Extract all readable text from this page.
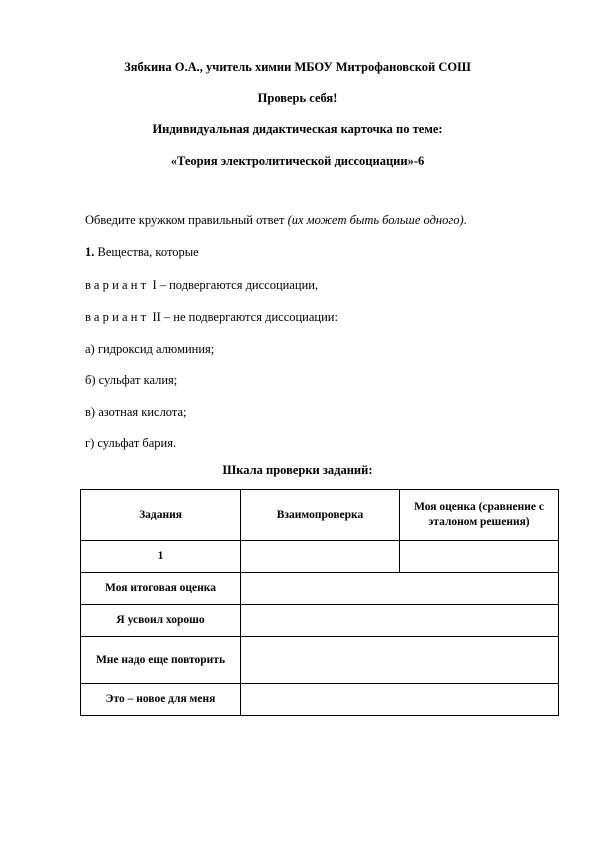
Зябкина О.А., учитель химии МБОУ Митрофановской СОШ
Проверь себя!
Индивидуальная дидактическая карточка по теме:
«Теория электролитической диссоциации»-6
Обведите кружком правильный ответ (их может быть больше одного).
1. Вещества, которые
вариант I – подвергаются диссоциации,
вариант II – не подвергаются диссоциации:
а) гидроксид алюминия;
б) сульфат калия;
в) азотная кислота;
г) сульфат бария.
Шкала проверки заданий:
Задания	Взаимопроверка	Моя оценка (сравнение с эталоном решения)
1		
Моя итоговая оценка		
Я усвоил хорошо		
Мне надо еще повторить		
Это – новое для меня		
